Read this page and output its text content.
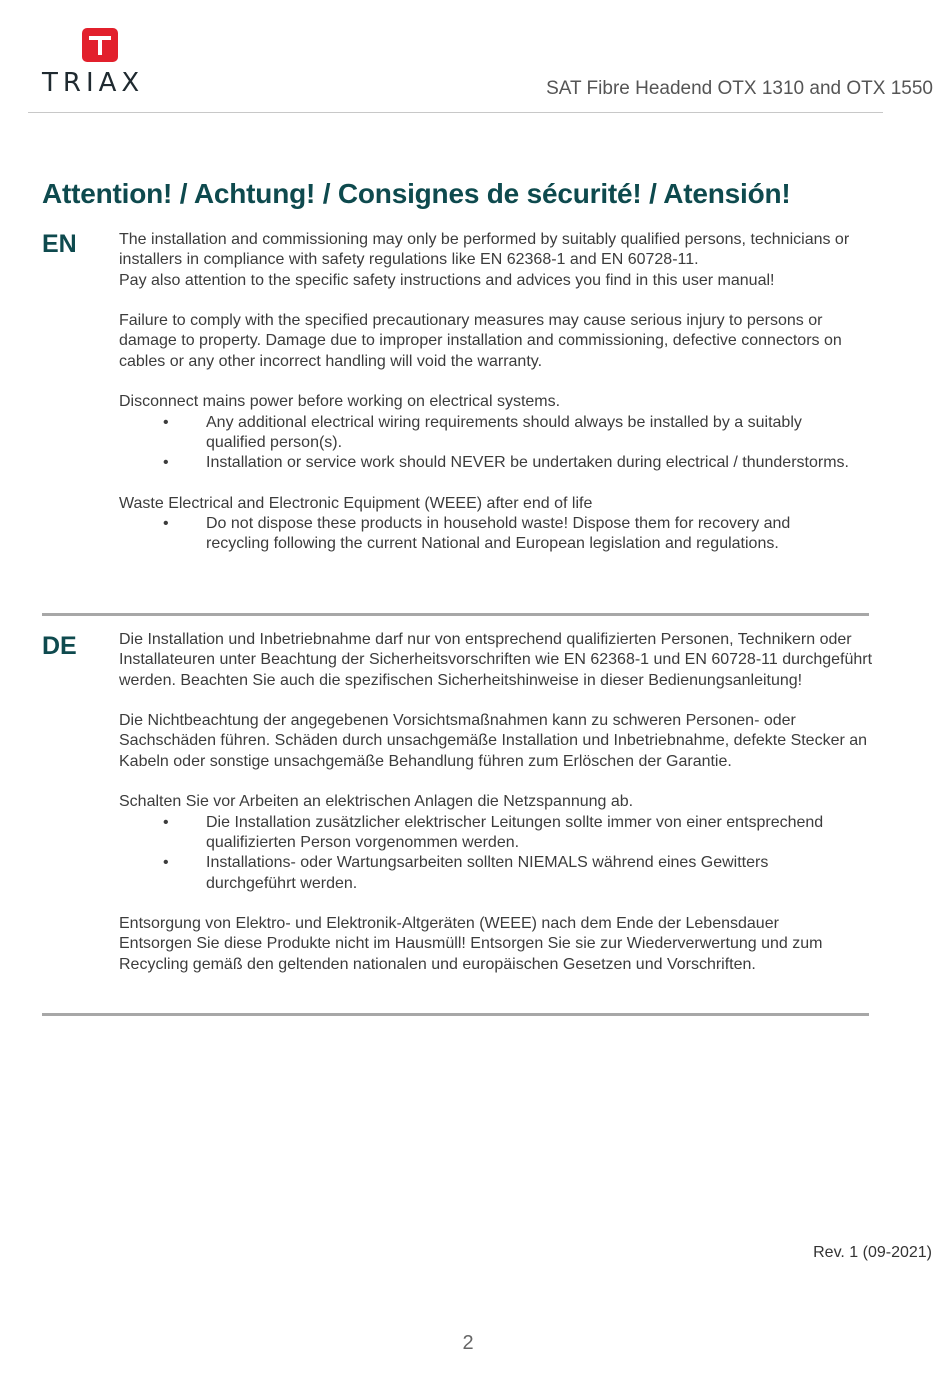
TRIAX	SAT Fibre Headend OTX 1310 and OTX 1550
Attention! / Achtung! / Consignes de sécurité! / Atensión!
EN	The installation and commissioning may only be performed by suitably qualified persons, technicians or installers in compliance with safety regulations like EN 62368-1 and EN 60728-11.
Pay also attention to the specific safety instructions and advices you find in this user manual!

Failure to comply with the specified precautionary measures may cause serious injury to persons or damage to property. Damage due to improper installation and commissioning, defective connectors on cables or any other incorrect handling will void the warranty.

Disconnect mains power before working on electrical systems.
• Any additional electrical wiring requirements should always be installed by a suitably qualified person(s).
• Installation or service work should NEVER be undertaken during electrical / thunderstorms.
Waste Electrical and Electronic Equipment (WEEE) after end of life
• Do not dispose these products in household waste! Dispose them for recovery and recycling following the current National and European legislation and regulations.
DE	Die Installation und Inbetriebnahme darf nur von entsprechend qualifizierten Personen, Technikern oder Installateuren unter Beachtung der Sicherheitsvorschriften wie EN 62368-1 und EN 60728-11 durchgeführt werden. Beachten Sie auch die spezifischen Sicherheitshinweise in dieser Bedienungsanleitung!

Die Nichtbeachtung der angegebenen Vorsichtsmaßnahmen kann zu schweren Personen- oder Sachschäden führen. Schäden durch unsachgemäße Installation und Inbetriebnahme, defekte Stecker an Kabeln oder sonstige unsachgemäße Behandlung führen zum Erlöschen der Garantie.

Schalten Sie vor Arbeiten an elektrischen Anlagen die Netzspannung ab.
• Die Installation zusätzlicher elektrischer Leitungen sollte immer von einer entsprechend qualifizierten Person vorgenommen werden.
• Installations- oder Wartungsarbeiten sollten NIEMALS während eines Gewitters durchgeführt werden.

Entsorgung von Elektro- und Elektronik-Altgeräten (WEEE) nach dem Ende der Lebensdauer
Entsorgen Sie diese Produkte nicht im Hausmüll! Entsorgen Sie sie zur Wiederverwertung und zum Recycling gemäß den geltenden nationalen und europäischen Gesetzen und Vorschriften.

Rev. 1 (09-2021)
2
